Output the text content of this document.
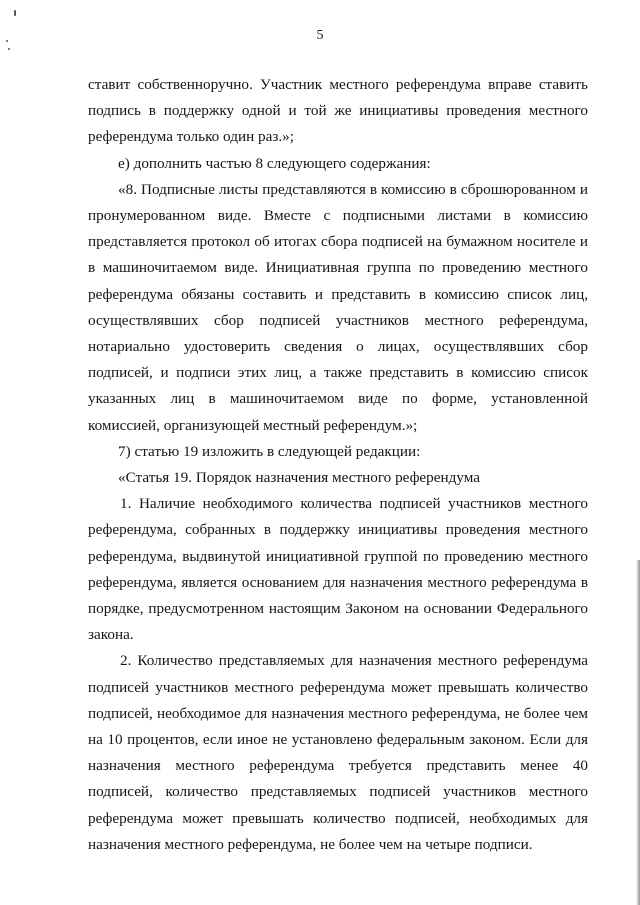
5

ставит собственноручно. Участник местного референдума вправе ставить подпись в поддержку одной и той же инициативы проведения местного референдума только один раз.»;

е) дополнить частью 8 следующего содержания:

«8. Подписные листы представляются в комиссию в сброшюрованном и пронумерованном виде. Вместе с подписными листами в комиссию представляется протокол об итогах сбора подписей на бумажном носителе и в машиночитаемом виде. Инициативная группа по проведению местного референдума обязаны составить и представить в комиссию список лиц, осуществлявших сбор подписей участников местного референдума, нотариально удостоверить сведения о лицах, осуществлявших сбор подписей, и подписи этих лиц, а также представить в комиссию список указанных лиц в машиночитаемом виде по форме, установленной комиссией, организующей местный референдум.»;

7) статью 19 изложить в следующей редакции:

«Статья 19. Порядок назначения местного референдума

1. Наличие необходимого количества подписей участников местного референдума, собранных в поддержку инициативы проведения местного референдума, выдвинутой инициативной группой по проведению местного референдума, является основанием для назначения местного референдума в порядке, предусмотренном настоящим Законом на основании Федерального закона.

2. Количество представляемых для назначения местного референдума подписей участников местного референдума может превышать количество подписей, необходимое для назначения местного референдума, не более чем на 10 процентов, если иное не установлено федеральным законом. Если для назначения местного референдума требуется представить менее 40 подписей, количество представляемых подписей участников местного референдума может превышать количество подписей, необходимых для назначения местного референдума, не более чем на четыре подписи.
